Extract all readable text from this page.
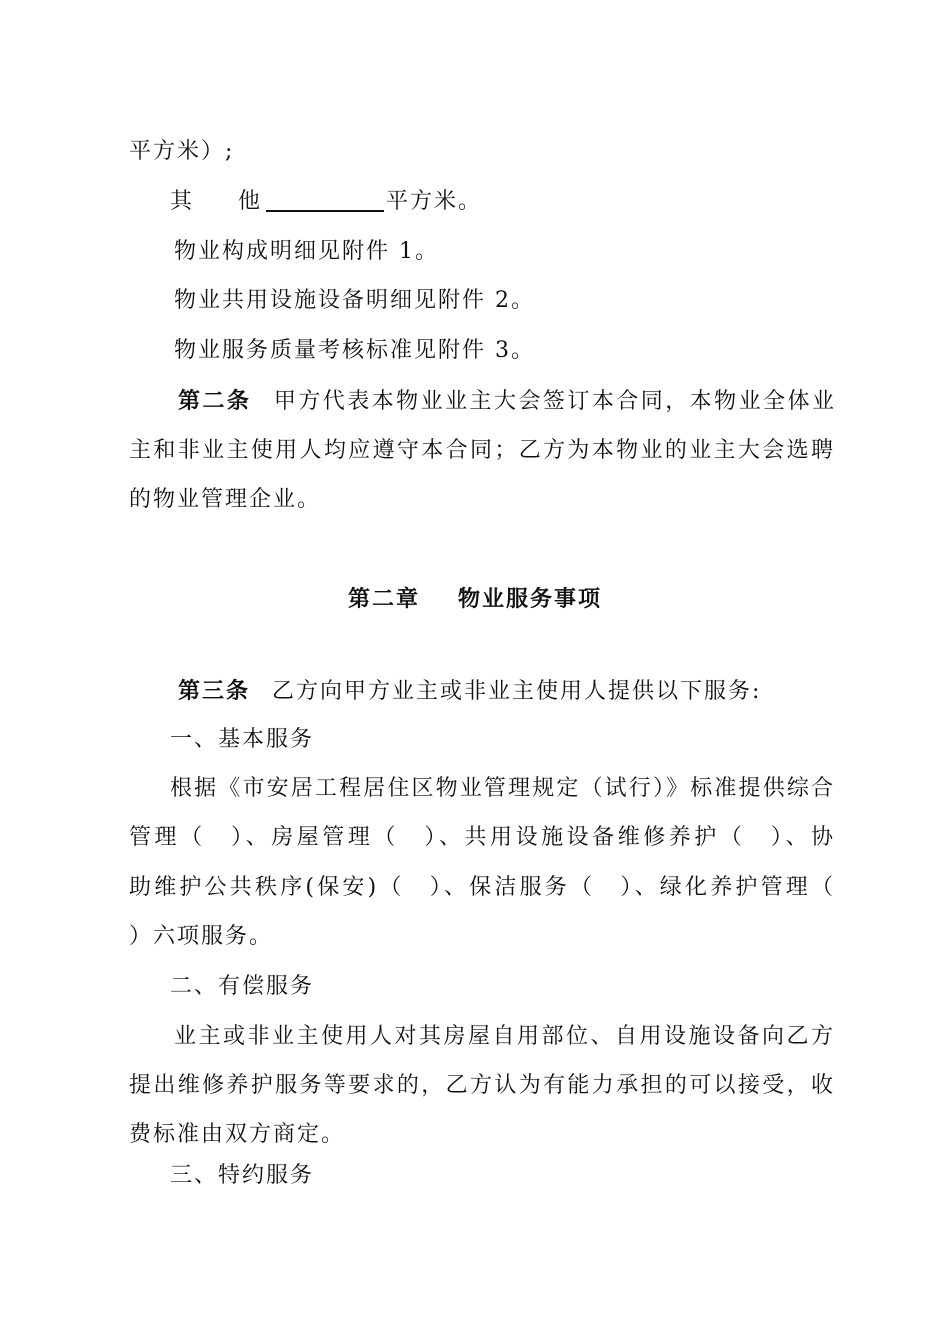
平方米）;
其 他	平方米。
物业构成明细见附件 1。
物业共用设施设备明细见附件 2。
物业服务质量考核标准见附件 3。
第二条 甲方代表本物业业主大会签订本合同，本物业全体业
主和非业主使用人均应遵守本合同；乙方为本物业的业主大会选聘
的物业管理企业。
第二章 物业服务事项
第三条 乙方向甲方业主或非业主使用人提供以下服务:
一、基本服务
根据《市安居工程居住区物业管理规定（试行）》标准提供综合
管理（　）、房屋管理（　）、共用设施设备维修养护（　）、协
助维护公共秩序(保安)（　）、保洁服务（　）、绿化养护管理（
）六项服务。
二、有偿服务
业主或非业主使用人对其房屋自用部位、自用设施设备向乙方
提出维修养护服务等要求的，乙方认为有能力承担的可以接受，收
费标准由双方商定。
三、特约服务
